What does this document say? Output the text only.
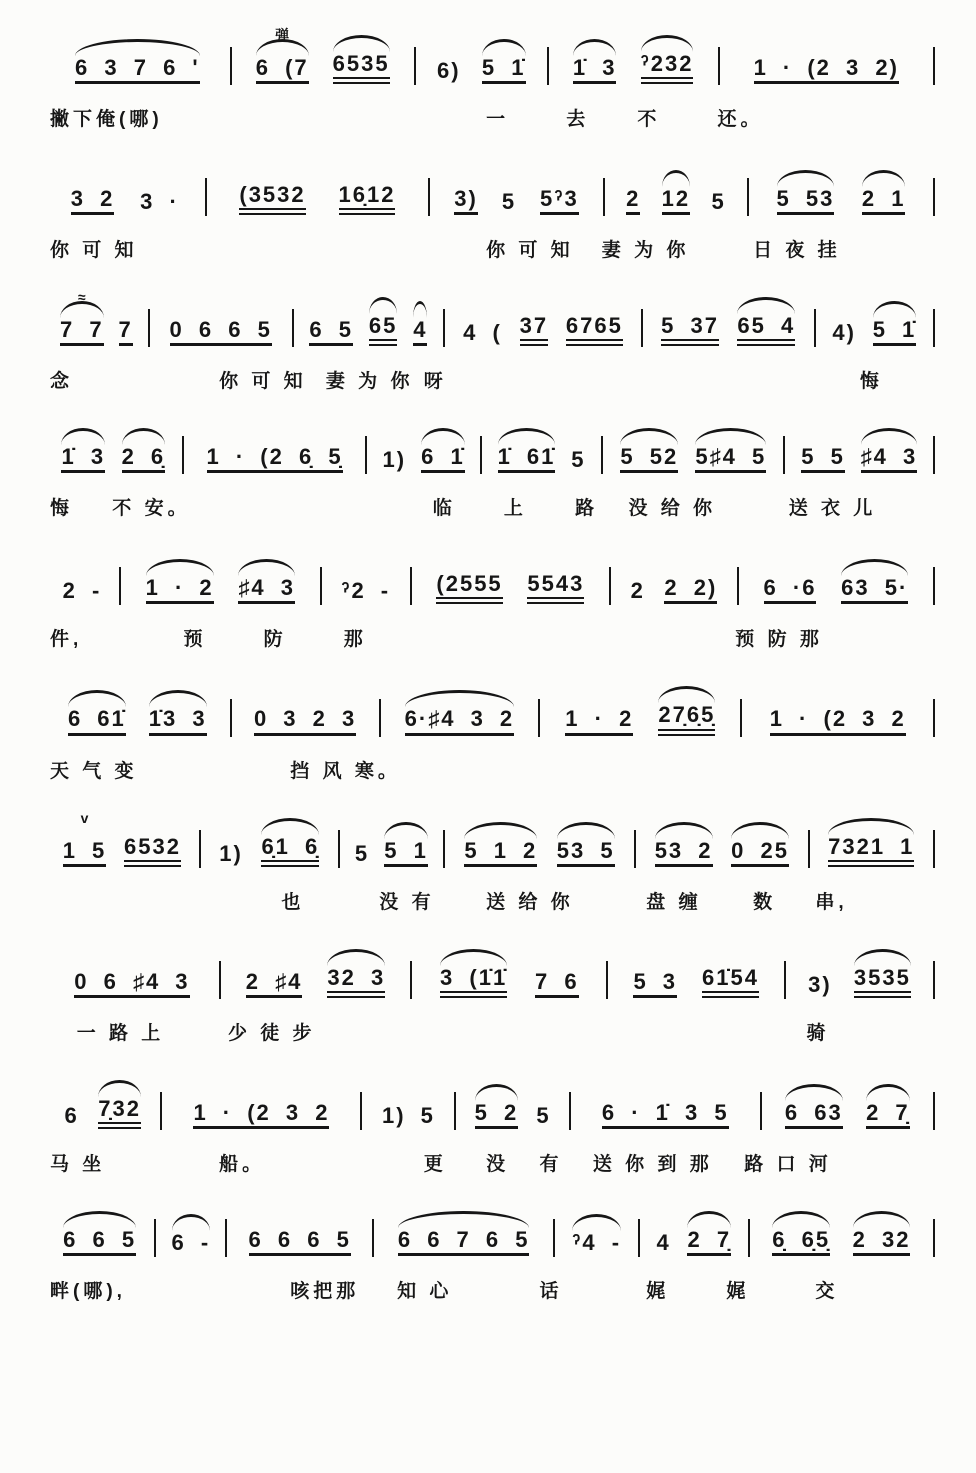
6 3 7 6 '
弹
6 (7 6535 6) 5 1̇ 1̇ 3 ˀ232	1 · (2 3 2)
撇下俺(哪)	一	去	不	还。
3 2 3 ·	(3532 16̣12	3) 5 5ˀ3 2 12 5 5 53 2 1
你 可 知	你 可 知 妻 为 你	日 夜 挂
≈
7 7 7 0 6 6 5 6 5 65 4 4 ( 37 6765 5 37 65 4 4) 5 1̇
念	你 可 知 妻 为 你 呀	悔
1̇ 3 2 6̣ 1 · (2 6̣ 5̣ 1) 6 1̇ 1̇ 61̇ 5 5 52 5♯4 5 5 5 ♯4 3
悔 不 安。	临	上	路 没 给 你	送 衣 儿
2 - 1 · 2 ♯4 3 ˀ2 - (2555 5543 2 2 2) 6 ·6 63 5·
件,	预	防	那	预 防 那
6 61̇ 1̇3 3 0 3 2 3 6·♯4 3 2 1 · 2 27̣6̣5̣ 1 · (2 3 2
天 气 变	挡 风 寒。
v
1 5 6532 1) 6̣1 6̣ 5 5 1 5 1 2 53 5 53 2 0 25 7321 1
也	没 有	送 给 你	盘 缠	数 串,
0 6 ♯4 3	2 ♯4 32 3 3 (1̇1̇ 7 6 5 3 61̇54 3) 3535
一 路 上	少 徒 步	骑
6 7̣32 1 · (2 3 2 1) 5 5 2 5 6 · 1̇ 3 5	6 63 2 7̣
马 坐	船。	更 没 有 送 你 到 那 路 口 河
6 6 5 6 - 6 6 6 5 6 6 7 6 5 ˀ4 - 4 2 7̣ 6̣ 6̣5̣ 2 32
畔(哪),	咳把那 知 心	话	娓	娓	交
